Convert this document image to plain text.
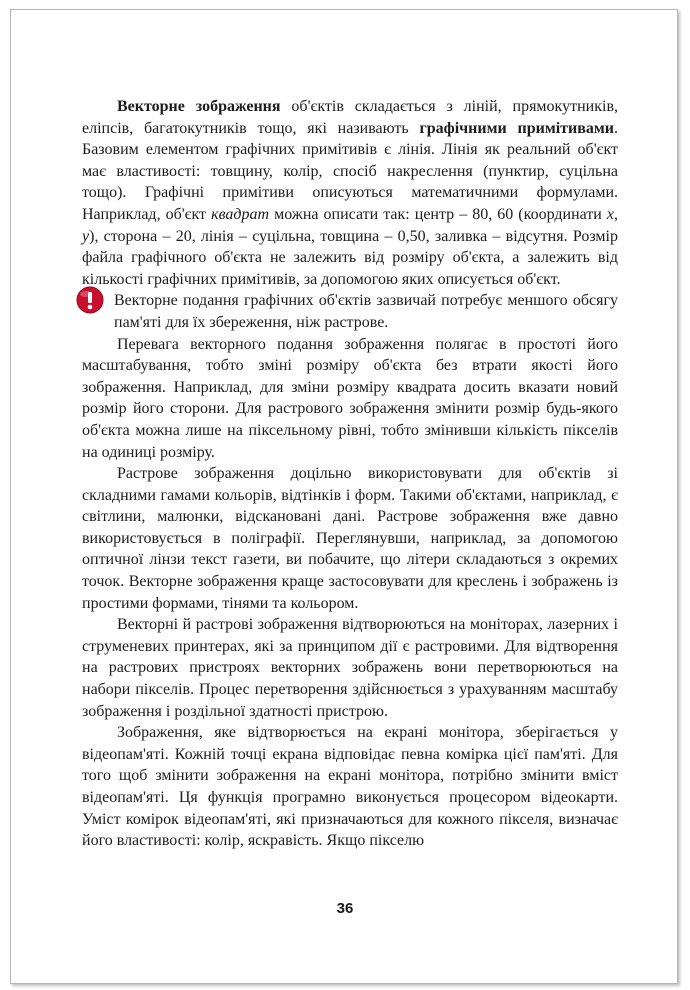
Векторне зображення об'єктів складається з ліній, прямокутників, еліпсів, багатокутників тощо, які називають графічними примітивами. Базовим елементом графічних примітивів є лінія. Лінія як реальний об'єкт має властивості: товщину, колір, спосіб накреслення (пунктир, суцільна тощо). Графічні примітиви описуються математичними формулами. Наприклад, об'єкт квадрат можна описати так: центр – 80, 60 (координати x, y), сторона – 20, лінія – суцільна, товщина – 0,50, заливка – відсутня. Розмір файла графічного об'єкта не залежить від розміру об'єкта, а залежить від кількості графічних примітивів, за допомогою яких описується об'єкт.

Векторне подання графічних об'єктів зазвичай потребує меншого обсягу пам'яті для їх збереження, ніж растрове.

Перевага векторного подання зображення полягає в простоті його масштабування, тобто зміні розміру об'єкта без втрати якості його зображення. Наприклад, для зміни розміру квадрата досить вказати новий розмір його сторони. Для растрового зображення змінити розмір будь-якого об'єкта можна лише на піксельному рівні, тобто змінивши кількість пікселів на одиниці розміру.

Растрове зображення доцільно використовувати для об'єктів зі складними гамами кольорів, відтінків і форм. Такими об'єктами, наприклад, є світлини, малюнки, відскановані дані. Растрове зображення вже давно використовується в поліграфії. Переглянувши, наприклад, за допомогою оптичної лінзи текст газети, ви побачите, що літери складаються з окремих точок. Векторне зображення краще застосовувати для креслень і зображень із простими формами, тінями та кольором.

Векторні й растрові зображення відтворюються на моніторах, лазерних і струменевих принтерах, які за принципом дії є растровими. Для відтворення на растрових пристроях векторних зображень вони перетворюються на набори пікселів. Процес перетворення здійснюється з урахуванням масштабу зображення і роздільної здатності пристрою.

Зображення, яке відтворюється на екрані монітора, зберігається у відеопам'яті. Кожній точці екрана відповідає певна комірка цієї пам'яті. Для того щоб змінити зображення на екрані монітора, потрібно змінити вміст відеопам'яті. Ця функція програмно виконується процесором відеокарти. Уміст комірок відеопам'яті, які призначаються для кожного пікселя, визначає його властивості: колір, яскравість. Якщо пікселю

36
